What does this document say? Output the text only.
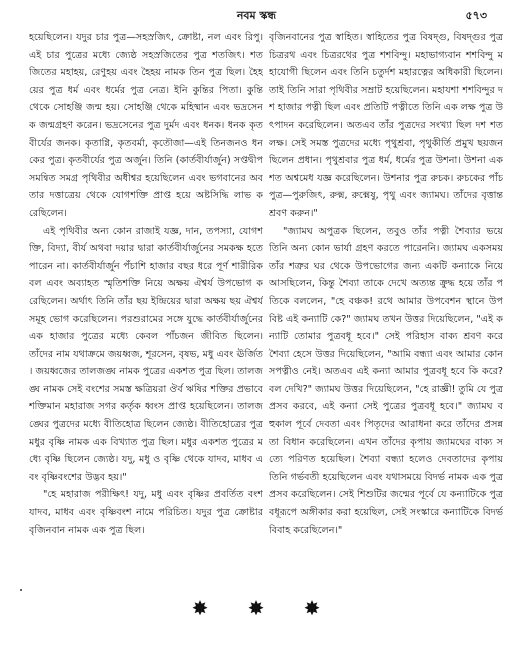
নবম স্কন্ধ	৫৭৩

হয়েছিলেন। যদুর চার পুত্র—সহস্রজিৎ, ক্রোষ্টা, নল এবং রিপু। এই চার পুত্রের মধ্যে জ্যেষ্ঠ সহস্রজিতের পুত্র শতজিৎ। শতজিতের মহাহয়, রেণুহয় এবং হৈহয় নামক তিন পুত্র ছিল। হৈহয়ের পুত্র ধর্ম এবং ধর্মের পুত্র নেত্র। ইনি কুন্তির পিতা। কুন্তি থেকে সোহঞ্জি জন্ম হয়। সোহঞ্জি থেকে মহিষ্মান এবং ভদ্রসেনক জন্মগ্রহণ করেন। ভদ্রসেনের পুত্র দুর্মদ এবং ধনক। ধনক কৃতবীর্যের জনক। কৃতাগ্নি, কৃতবর্মা, কৃতৌজা—এই তিনজনও ধনকের পুত্র। কৃতবীর্যের পুত্র অর্জুন। তিনি (কার্তবীর্যার্জুন) সপ্তদ্বীপ সমন্বিত সমগ্র পৃথিবীর অধীশ্বর হয়েছিলেন এবং ভগবানের অবতার দত্তাত্রেয় থেকে যোগশক্তি প্রাপ্ত হয়ে অষ্টসিদ্ধি লাভ করেছিলেন।

এই পৃথিবীর অন্য কোন রাজাই যজ্ঞ, দান, তপস্যা, যোগশক্তি, বিদ্যা, বীর্য অথবা দয়ার দ্বারা কার্তবীর্যার্জুনের সমকক্ষ হতে পারেন না। কার্তবীর্যার্জুন পঁচাশি হাজার বছর ধরে পূর্ণ শারীরিক বল এবং অব্যাহত স্মৃতিশক্তি নিয়ে অক্ষয় ঐশ্বর্য উপভোগ করেছিলেন। অর্থাৎ তিনি তাঁর ছয় ইন্দ্রিয়ের দ্বারা অক্ষয় ছয় ঐশ্বর্যসমূহ ভোগ করেছিলেন। পরশুরামের সঙ্গে যুদ্ধে কার্তবীর্যার্জুনের এক হাজার পুত্রের মধ্যে কেবল পাঁচজন জীবিত ছিলেন। তাঁদের নাম যথাক্রমে জয়ধ্বজ, শূরসেন, বৃষভ, মধু এবং ঊর্জিত। জয়ধ্বজের তালজঙ্ঘ নামক পুত্রের একশত পুত্র ছিল। তালজঙ্ঘ নামক সেই বংশের সমস্ত ক্ষত্রিয়রা ঔর্ব ঋষির শক্তির প্রভাবে শক্তিমান মহারাজ সগর কর্তৃক ধ্বংস প্রাপ্ত হয়েছিলেন। তালজঙ্ঘের পুত্রদের মধ্যে বীতিহোত্র ছিলেন জ্যেষ্ঠ। বীতিহোত্রের পুত্র মধুর বৃষ্ণি নামক এক বিখ্যাত পুত্র ছিল। মধুর একশত পুত্রের মধ্যে বৃষ্ণি ছিলেন জ্যেষ্ঠ। যদু, মধু ও বৃষ্ণি থেকে যাদব, মাধব এবং বৃষ্ণিবংশের উদ্ভব হয়।"

"হে মহারাজ পরীক্ষিৎ! যদু, মধু এবং বৃষ্ণির প্রবর্তিত বংশ যাদব, মাধব এবং বৃষ্ণিবংশ নামে পরিচিত। যদুর পুত্র ক্রোষ্টার বৃজিনবান নামক এক পুত্র ছিল।

বৃজিনবানের পুত্র স্বাহিত। স্বাহিতের পুত্র বিষদ্গু, বিষদ্গুর পুত্র চিত্ররথ এবং চিত্ররথের পুত্র শশবিন্দু। মহাভাগ্যবান শশবিন্দু মহাযোগী ছিলেন এবং তিনি চতুর্দশ মহারত্নের অধিকারী ছিলেন। তাই তিনি সারা পৃথিবীর সম্রাট হয়েছিলেন। মহাযশা শশবিন্দুর দশ হাজার পত্নী ছিল এবং প্রতিটি পত্নীতে তিনি এক লক্ষ পুত্র উৎপাদন করেছিলেন। অতএব তাঁর পুত্রদের সংখ্যা ছিল দশ শত লক্ষ। সেই সমস্ত পুত্রদের মধ্যে পৃথুশ্রবা, পৃথুকীর্তি প্রমুখ ছয়জন ছিলেন প্রধান। পৃথুশ্রবার পুত্র ধর্ম, ধর্মের পুত্র উশনা। উশনা একশত অশ্বমেধ যজ্ঞ করেছিলেন। উশনার পুত্র রুচক। রুচকের পাঁচ পুত্র—পুরুজিৎ, রুক্ম, রুক্মেষু, পৃথু এবং জ্যামঘ। তাঁদের বৃত্তান্ত শ্রবণ করুন।"

"জ্যামঘ অপুত্রক ছিলেন, তবুও তাঁর পত্নী শৈব্যার ভয়ে তিনি অন্য কোন ভার্যা গ্রহণ করতে পারেননি। জ্যামঘ একসময় তাঁর শত্রুর ঘর থেকে উপভোগের জন্য একটি কন্যাকে নিয়ে আসছিলেন, কিন্তু শৈব্যা তাকে দেখে অত্যন্ত ক্রুদ্ধ হয়ে তাঁর পতিকে বললেন, "হে বঞ্চক! রথে আমার উপবেশন স্থানে উপবিষ্ট এই কন্যাটি কে?" জ্যামঘ তখন উত্তর দিয়েছিলেন, "এই কন্যাটি তোমার পুত্রবধূ হবে।" সেই পরিহাস বাক্য শ্রবণ করে শৈব্যা হেসে উত্তর দিয়েছিলেন, "আমি বন্ধ্যা এবং আমার কোন সপত্নীও নেই। অতএব এই কন্যা আমার পুত্রবধূ হবে কি করে? বল দেখি?" জ্যামঘ উত্তর দিয়েছিলেন, "হে রাজ্ঞী! তুমি যে পুত্র প্রসব করবে, এই কন্যা সেই পুত্রের পুত্রবধূ হবে।" জ্যামঘ বহুকাল পূর্বে দেবতা এবং পিতৃদের আরাধনা করে তাঁদের প্রসন্নতা বিধান করেছিলেন। এখন তাঁদের কৃপায় জ্যামঘের বাক্য সত্যে পরিণত হয়েছিল। শৈব্যা বন্ধ্যা হলেও দেবতাদের কৃপায় তিনি গর্ভবতী হয়েছিলেন এবং যথাসময়ে বিদর্ভ নামক এক পুত্র প্রসব করেছিলেন। সেই শিশুটির জন্মের পূর্বে যে কন্যাটিকে পুত্রবধূরূপে অঙ্গীকার করা হয়েছিল, সেই সংস্কারে কন্যাটিকে বিদর্ভ বিবাহ করেছিলেন।"

✸ ✸ ✸
